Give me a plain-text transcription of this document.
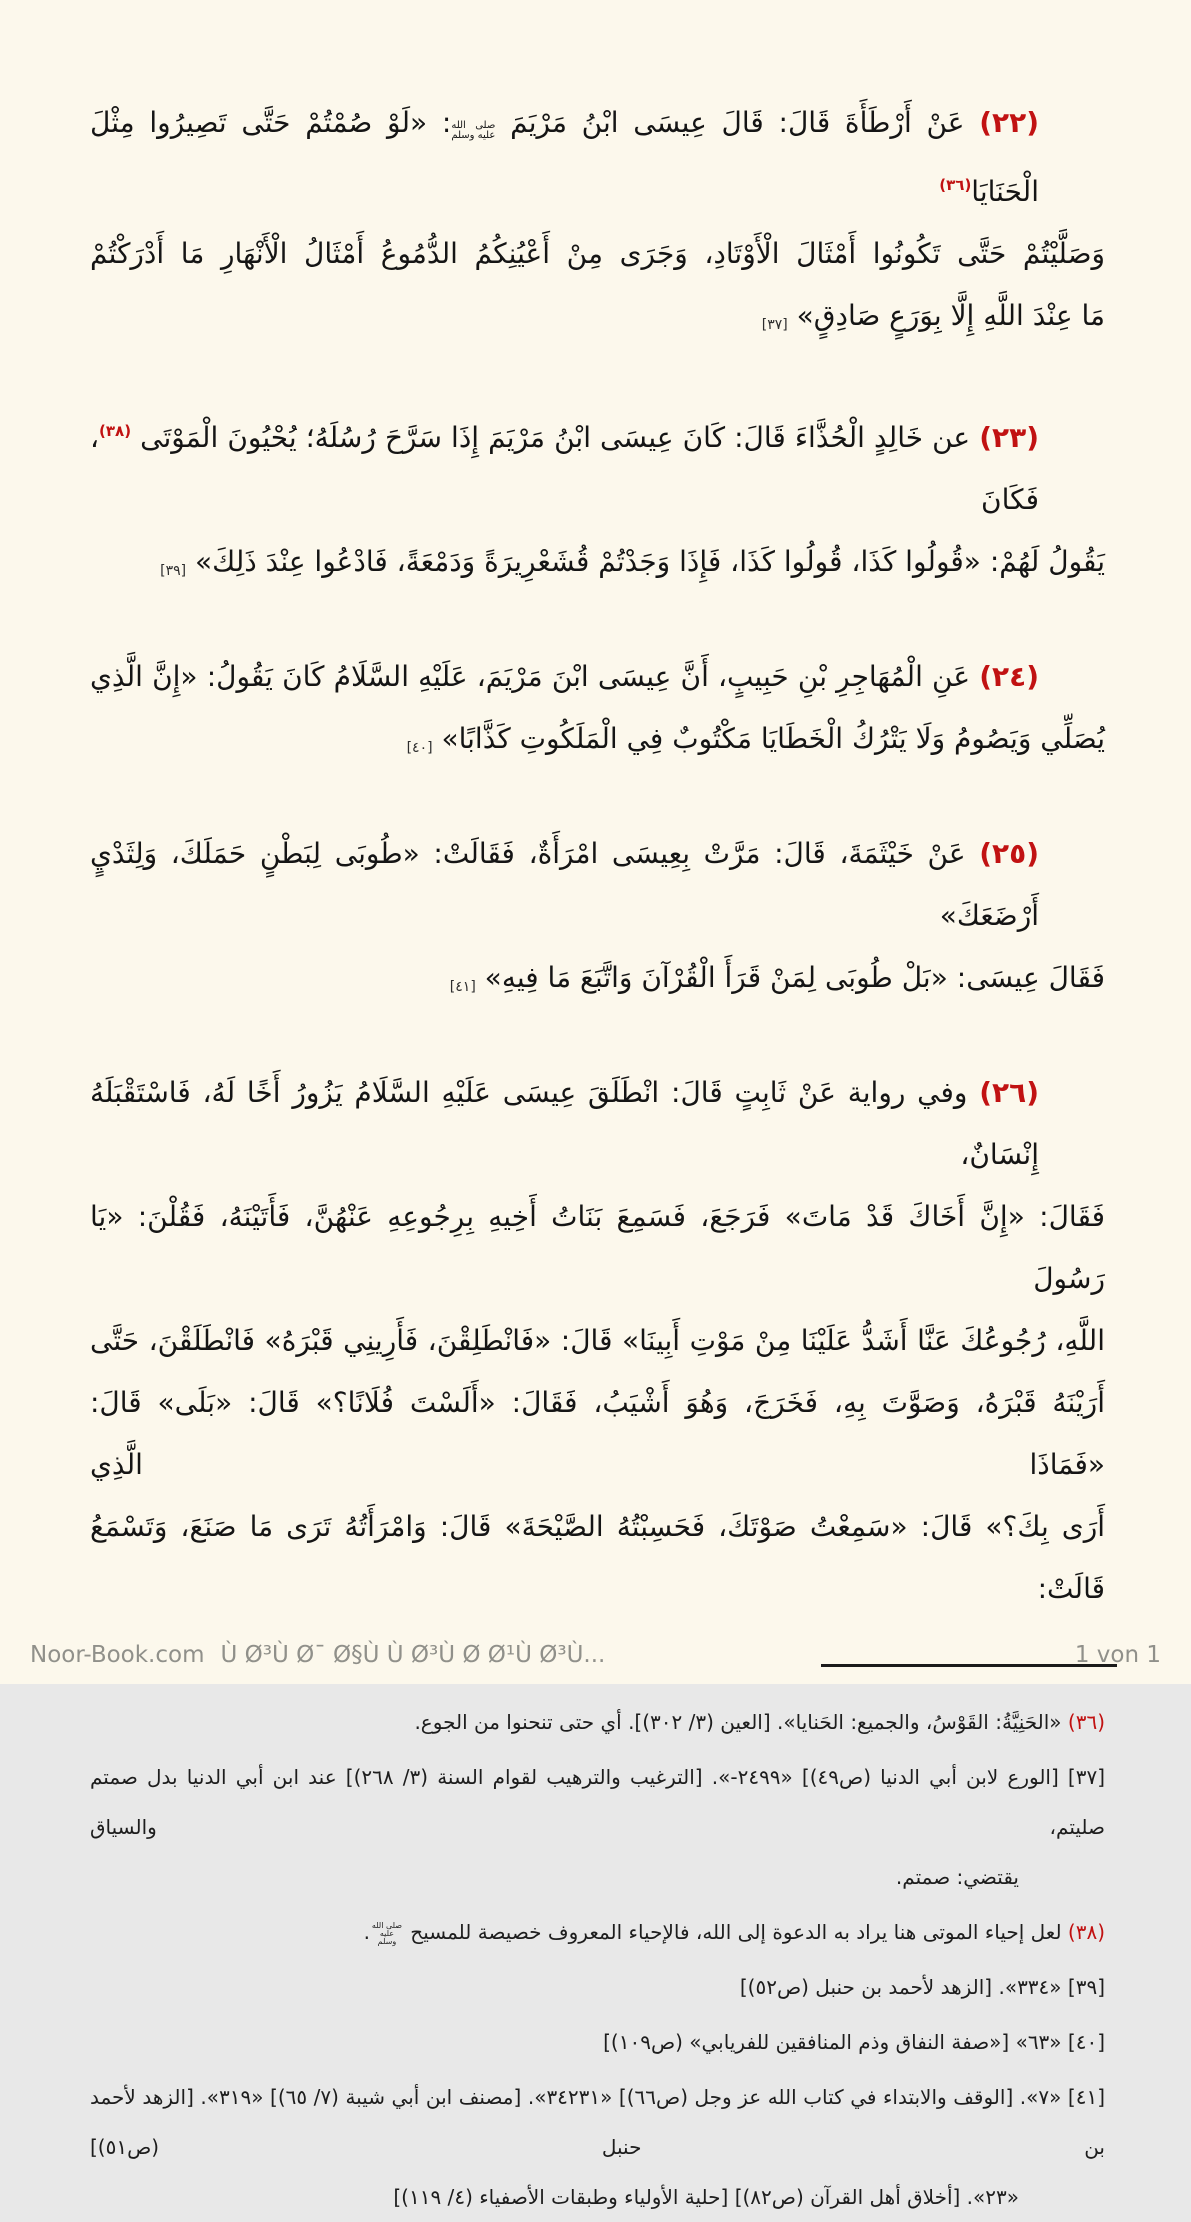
(٢٢) عَنْ أَرْطَأَةَ قَالَ: قَالَ عِيسَى ابْنُ مَرْيَمَ صلى الله
عليه وسلم: «لَوْ صُمْتُمْ حَتَّى تَصِيرُوا مِثْلَ الْحَنَايَا$^{(٣٦)}$
وَصَلَّيْتُمْ حَتَّى تَكُونُوا أَمْثَالَ الْأَوْتَادِ، وَجَرَى مِنْ أَعْيُنِكُمُ الدُّمُوعُ أَمْثَالُ الْأَنْهَارِ مَا أَدْرَكْتُمْ
مَا عِنْدَ اللَّهِ إِلَّا بِوَرَعٍ صَادِقٍ» [٣٧]
(٢٣) عن خَالِدٍ الْحُذَّاءَ قَالَ: كَانَ عِيسَى ابْنُ مَرْيَمَ إِذَا سَرَّحَ رُسُلَهُ؛ يُحْيُونَ الْمَوْتَى $^{(٣٨)}$، فَكَانَ
يَقُولُ لَهُمْ: «قُولُوا كَذَا، قُولُوا كَذَا، فَإِذَا وَجَدْتُمْ قُشَعْرِيرَةً وَدَمْعَةً، فَادْعُوا عِنْدَ ذَلِكَ» [٣٩]
(٢٤) عَنِ الْمُهَاجِرِ بْنِ حَبِيبٍ، أَنَّ عِيسَى ابْنَ مَرْيَمَ، عَلَيْهِ السَّلَامُ كَانَ يَقُولُ: «إِنَّ الَّذِي
يُصَلِّي وَيَصُومُ وَلَا يَتْرُكُ الْخَطَايَا مَكْتُوبٌ فِي الْمَلَكُوتِ كَذَّابًا» [٤٠]
(٢٥) عَنْ خَيْثَمَةَ، قَالَ: مَرَّتْ بِعِيسَى امْرَأَةٌ، فَقَالَتْ: «طُوبَى لِبَطْنٍ حَمَلَكَ، وَلِثَدْيٍ أَرْضَعَكَ»
فَقَالَ عِيسَى: «بَلْ طُوبَى لِمَنْ قَرَأَ الْقُرْآنَ وَاتَّبَعَ مَا فِيهِ» [٤١]
(٢٦) وفي رواية عَنْ ثَابِتٍ قَالَ: انْطَلَقَ عِيسَى عَلَيْهِ السَّلَامُ يَزُورُ أَخًا لَهُ، فَاسْتَقْبَلَهُ إِنْسَانٌ،
فَقَالَ: «إِنَّ أَخَاكَ قَدْ مَاتَ» فَرَجَعَ، فَسَمِعَ بَنَاتُ أَخِيهِ بِرِجُوعِهِ عَنْهُنَّ، فَأَتَيْنَهُ، فَقُلْنَ: «يَا رَسُولَ
اللَّهِ، رُجُوعُكَ عَنَّا أَشَدُّ عَلَيْنَا مِنْ مَوْتِ أَبِينَا» قَالَ: «فَانْطَلِقْنَ، فَأَرِينِي قَبْرَهُ» فَانْطَلَقْنَ، حَتَّى
أَرَيْنَهُ قَبْرَهُ، وَصَوَّتَ بِهِ، فَخَرَجَ، وَهُوَ أَشْيَبُ، فَقَالَ: «أَلَسْتَ فُلَانًا؟» قَالَ: «بَلَى» قَالَ: «فَمَاذَا الَّذِي
أَرَى بِكَ؟» قَالَ: «سَمِعْتُ صَوْتَكَ، فَحَسِبْتُهُ الصَّيْحَةَ» قَالَ: وَامْرَأَتُهُ تَرَى مَا صَنَعَ، وَتَسْمَعُ قَالَتْ:
(٣٦) «الحَنِيَّةُ: القَوْسُ، والجميع: الحَنايا». [العين (٣/ ٣٠٢)]. أي حتى تنحنوا من الجوع.
[٣٧] [الورع لابن أبي الدنيا (ص٤٩)] «٢٤٩٩-». [الترغيب والترهيب لقوام السنة (٣/ ٢٦٨)] عند ابن أبي الدنيا بدل صمتم صليتم، والسياق
يقتضي: صمتم.
(٣٨) لعل إحياء الموتى هنا يراد به الدعوة إلى الله، فالإحياء المعروف خصيصة للمسيح صلى الله
عليه وسلم.
[٣٩] «٣٣٤». [الزهد لأحمد بن حنبل (ص٥٢)]
[٤٠] «٦٣» [«صفة النفاق وذم المنافقين للفريابي» (ص١٠٩)]
[٤١] «٧». [الوقف والابتداء في كتاب الله عز وجل (ص٦٦)] «٣٤٢٣١». [مصنف ابن أبي شيبة (٧/ ٦٥)] «٣١٩». [الزهد لأحمد بن حنبل (ص٥١)]
«٢٣». [أخلاق أهل القرآن (ص٨٢)] [حلية الأولياء وطبقات الأصفياء (٤/ ١١٩)]
Noor-Book.com Ù Ø³Ù Ø¯ Ø§Ù Ù Ø³Ù Ø Ø¹Ù Ø³Ù...	1 von 1
